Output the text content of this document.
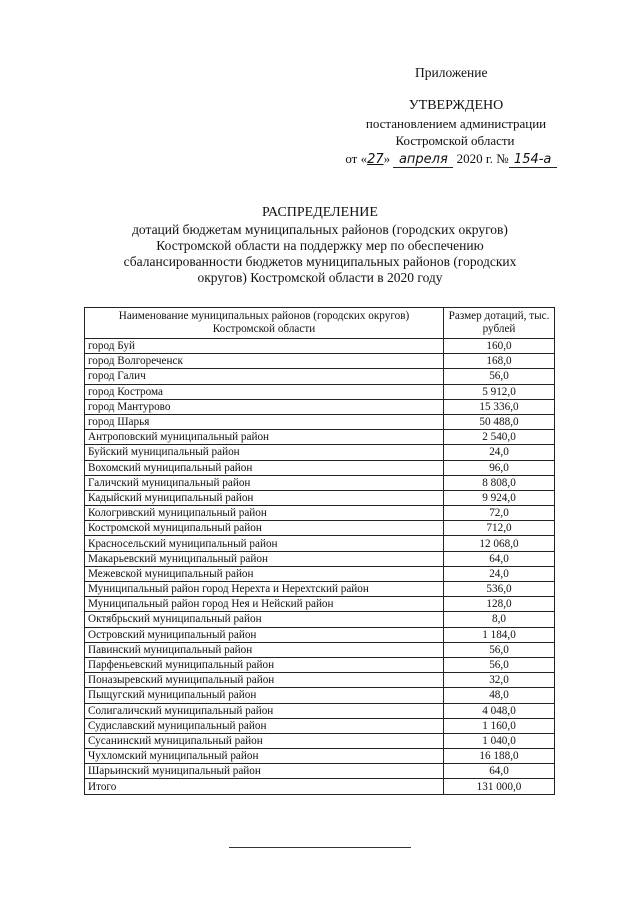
Приложение
УТВЕРЖДЕНО
постановлением администрации
Костромской области
от «27» апреля 2020 г. № 154-а
РАСПРЕДЕЛЕНИЕ
дотаций бюджетам муниципальных районов (городских округов)
Костромской области на поддержку мер по обеспечению
сбалансированности бюджетов муниципальных районов (городских
округов) Костромской области в 2020 году
Наименование муниципальных районов (городских округов) Костромской области	Размер дотаций, тыс. рублей
город Буй	160,0
город Волгореченск	168,0
город Галич	56,0
город Кострома	5 912,0
город Мантурово	15 336,0
город Шарья	50 488,0
Антроповский муниципальный район	2 540,0
Буйский муниципальный район	24,0
Вохомский муниципальный район	96,0
Галичский муниципальный район	8 808,0
Кадыйский муниципальный район	9 924,0
Кологривский муниципальный район	72,0
Костромской муниципальный район	712,0
Красносельский муниципальный район	12 068,0
Макарьевский муниципальный район	64,0
Межевской муниципальный район	24,0
Муниципальный район город Нерехта и Нерехтский район	536,0
Муниципальный район город Нея и Нейский район	128,0
Октябрьский муниципальный район	8,0
Островский муниципальный район	1 184,0
Павинский муниципальный район	56,0
Парфеньевский муниципальный район	56,0
Поназыревский муниципальный район	32,0
Пыщугский муниципальный район	48,0
Солигаличский муниципальный район	4 048,0
Судиславский муниципальный район	1 160,0
Сусанинский муниципальный район	1 040,0
Чухломский муниципальный район	16 188,0
Шарьинский муниципальный район	64,0
Итого	131 000,0
